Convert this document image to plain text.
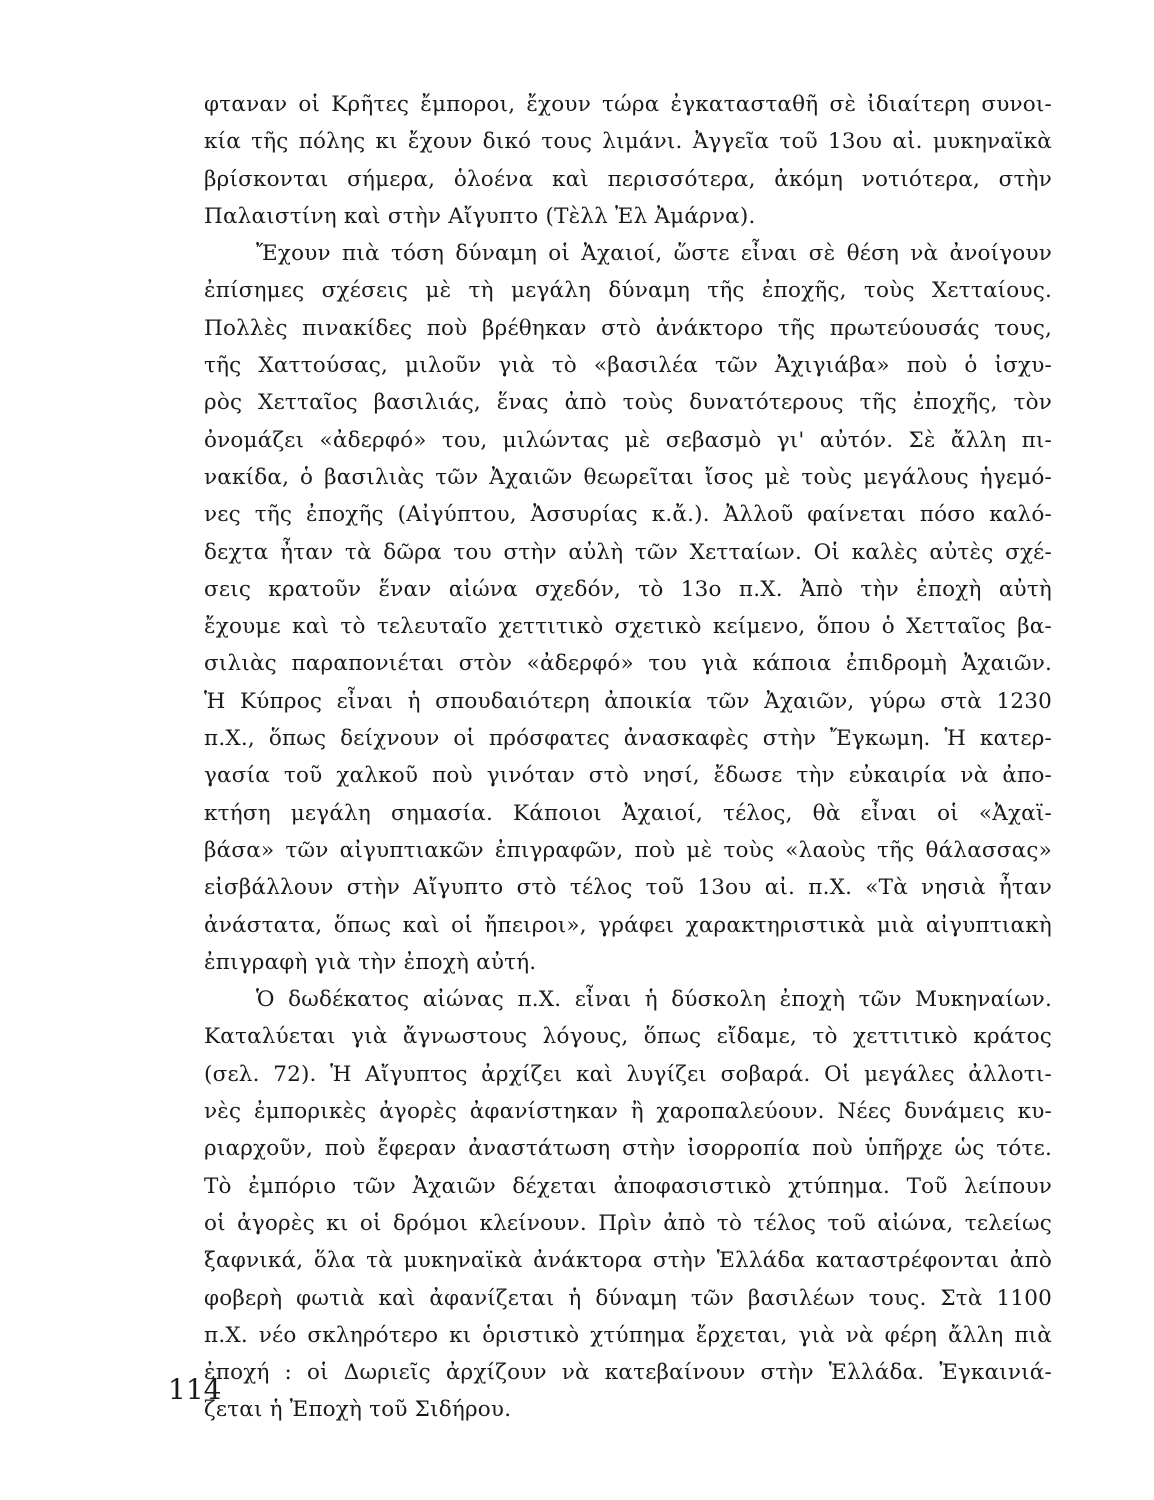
φταναν οἱ Κρῆτες ἔμποροι, ἔχουν τώρα ἐγκατασταθῆ σὲ ἰδιαίτερη συνοι-
κία τῆς πόλης κι ἔχουν δικό τους λιμάνι. Ἀγγεῖα τοῦ 13ου αἰ. μυκηναϊκὰ
βρίσκονται σήμερα, ὁλοένα καὶ περισσότερα, ἀκόμη νοτιότερα, στὴν
Παλαιστίνη καὶ στὴν Αἴγυπτο (Τὲλλ Ἐλ Ἀμάρνα).
Ἔχουν πιὰ τόση δύναμη οἱ Ἀχαιοί, ὥστε εἶναι σὲ θέση νὰ ἀνοίγουν
ἐπίσημες σχέσεις μὲ τὴ μεγάλη δύναμη τῆς ἐποχῆς, τοὺς Χετταίους.
Πολλὲς πινακίδες ποὺ βρέθηκαν στὸ ἀνάκτορο τῆς πρωτεύουσάς τους,
τῆς Χαττούσας, μιλοῦν γιὰ τὸ «βασιλέα τῶν Ἀχιγιάβα» ποὺ ὁ ἰσχυ-
ρὸς Χετταῖος βασιλιάς, ἕνας ἀπὸ τοὺς δυνατότερους τῆς ἐποχῆς, τὸν
ὀνομάζει «ἀδερφό» του, μιλώντας μὲ σεβασμὸ γι' αὐτόν. Σὲ ἄλλη πι-
νακίδα, ὁ βασιλιὰς τῶν Ἀχαιῶν θεωρεῖται ἴσος μὲ τοὺς μεγάλους ἡγεμό-
νες τῆς ἐποχῆς (Αἰγύπτου, Ἀσσυρίας κ.ἄ.). Ἀλλοῦ φαίνεται πόσο καλό-
δεχτα ἦταν τὰ δῶρα του στὴν αὐλὴ τῶν Χετταίων. Οἱ καλὲς αὐτὲς σχέ-
σεις κρατοῦν ἕναν αἰώνα σχεδόν, τὸ 13ο π.Χ. Ἀπὸ τὴν ἐποχὴ αὐτὴ
ἔχουμε καὶ τὸ τελευταῖο χεττιτικὸ σχετικὸ κείμενο, ὅπου ὁ Χετταῖος βα-
σιλιὰς παραπονιέται στὸν «ἀδερφό» του γιὰ κάποια ἐπιδρομὴ Ἀχαιῶν.
Ἡ Κύπρος εἶναι ἡ σπουδαιότερη ἀποικία τῶν Ἀχαιῶν, γύρω στὰ 1230
π.Χ., ὅπως δείχνουν οἱ πρόσφατες ἀνασκαφὲς στὴν Ἔγκωμη. Ἡ κατερ-
γασία τοῦ χαλκοῦ ποὺ γινόταν στὸ νησί, ἔδωσε τὴν εὐκαιρία νὰ ἀπο-
κτήση μεγάλη σημασία. Κάποιοι Ἀχαιοί, τέλος, θὰ εἶναι οἱ «Ἀχαϊ-
βάσα» τῶν αἰγυπτιακῶν ἐπιγραφῶν, ποὺ μὲ τοὺς «λαοὺς τῆς θάλασσας»
εἰσβάλλουν στὴν Αἴγυπτο στὸ τέλος τοῦ 13ου αἰ. π.Χ. «Τὰ νησιὰ ἦταν
ἀνάστατα, ὅπως καὶ οἱ ἤπειροι», γράφει χαρακτηριστικὰ μιὰ αἰγυπτιακὴ
ἐπιγραφὴ γιὰ τὴν ἐποχὴ αὐτή.
Ὁ δωδέκατος αἰώνας π.Χ. εἶναι ἡ δύσκολη ἐποχὴ τῶν Μυκηναίων.
Καταλύεται γιὰ ἄγνωστους λόγους, ὅπως εἴδαμε, τὸ χεττιτικὸ κράτος
(σελ. 72). Ἡ Αἴγυπτος ἀρχίζει καὶ λυγίζει σοβαρά. Οἱ μεγάλες ἀλλοτι-
νὲς ἐμπορικὲς ἀγορὲς ἀφανίστηκαν ἢ χαροπαλεύουν. Νέες δυνάμεις κυ-
ριαρχοῦν, ποὺ ἔφεραν ἀναστάτωση στὴν ἰσορροπία ποὺ ὑπῆρχε ὡς τότε.
Τὸ ἐμπόριο τῶν Ἀχαιῶν δέχεται ἀποφασιστικὸ χτύπημα. Τοῦ λείπουν
οἱ ἀγορὲς κι οἱ δρόμοι κλείνουν. Πρὶν ἀπὸ τὸ τέλος τοῦ αἰώνα, τελείως
ξαφνικά, ὅλα τὰ μυκηναϊκὰ ἀνάκτορα στὴν Ἑλλάδα καταστρέφονται ἀπὸ
φοβερὴ φωτιὰ καὶ ἀφανίζεται ἡ δύναμη τῶν βασιλέων τους. Στὰ 1100
π.Χ. νέο σκληρότερο κι ὁριστικὸ χτύπημα ἔρχεται, γιὰ νὰ φέρη ἄλλη πιὰ
ἐποχή : οἱ Δωριεῖς ἀρχίζουν νὰ κατεβαίνουν στὴν Ἑλλάδα. Ἐγκαινιά-
ζεται ἡ Ἐποχὴ τοῦ Σιδήρου.
114
